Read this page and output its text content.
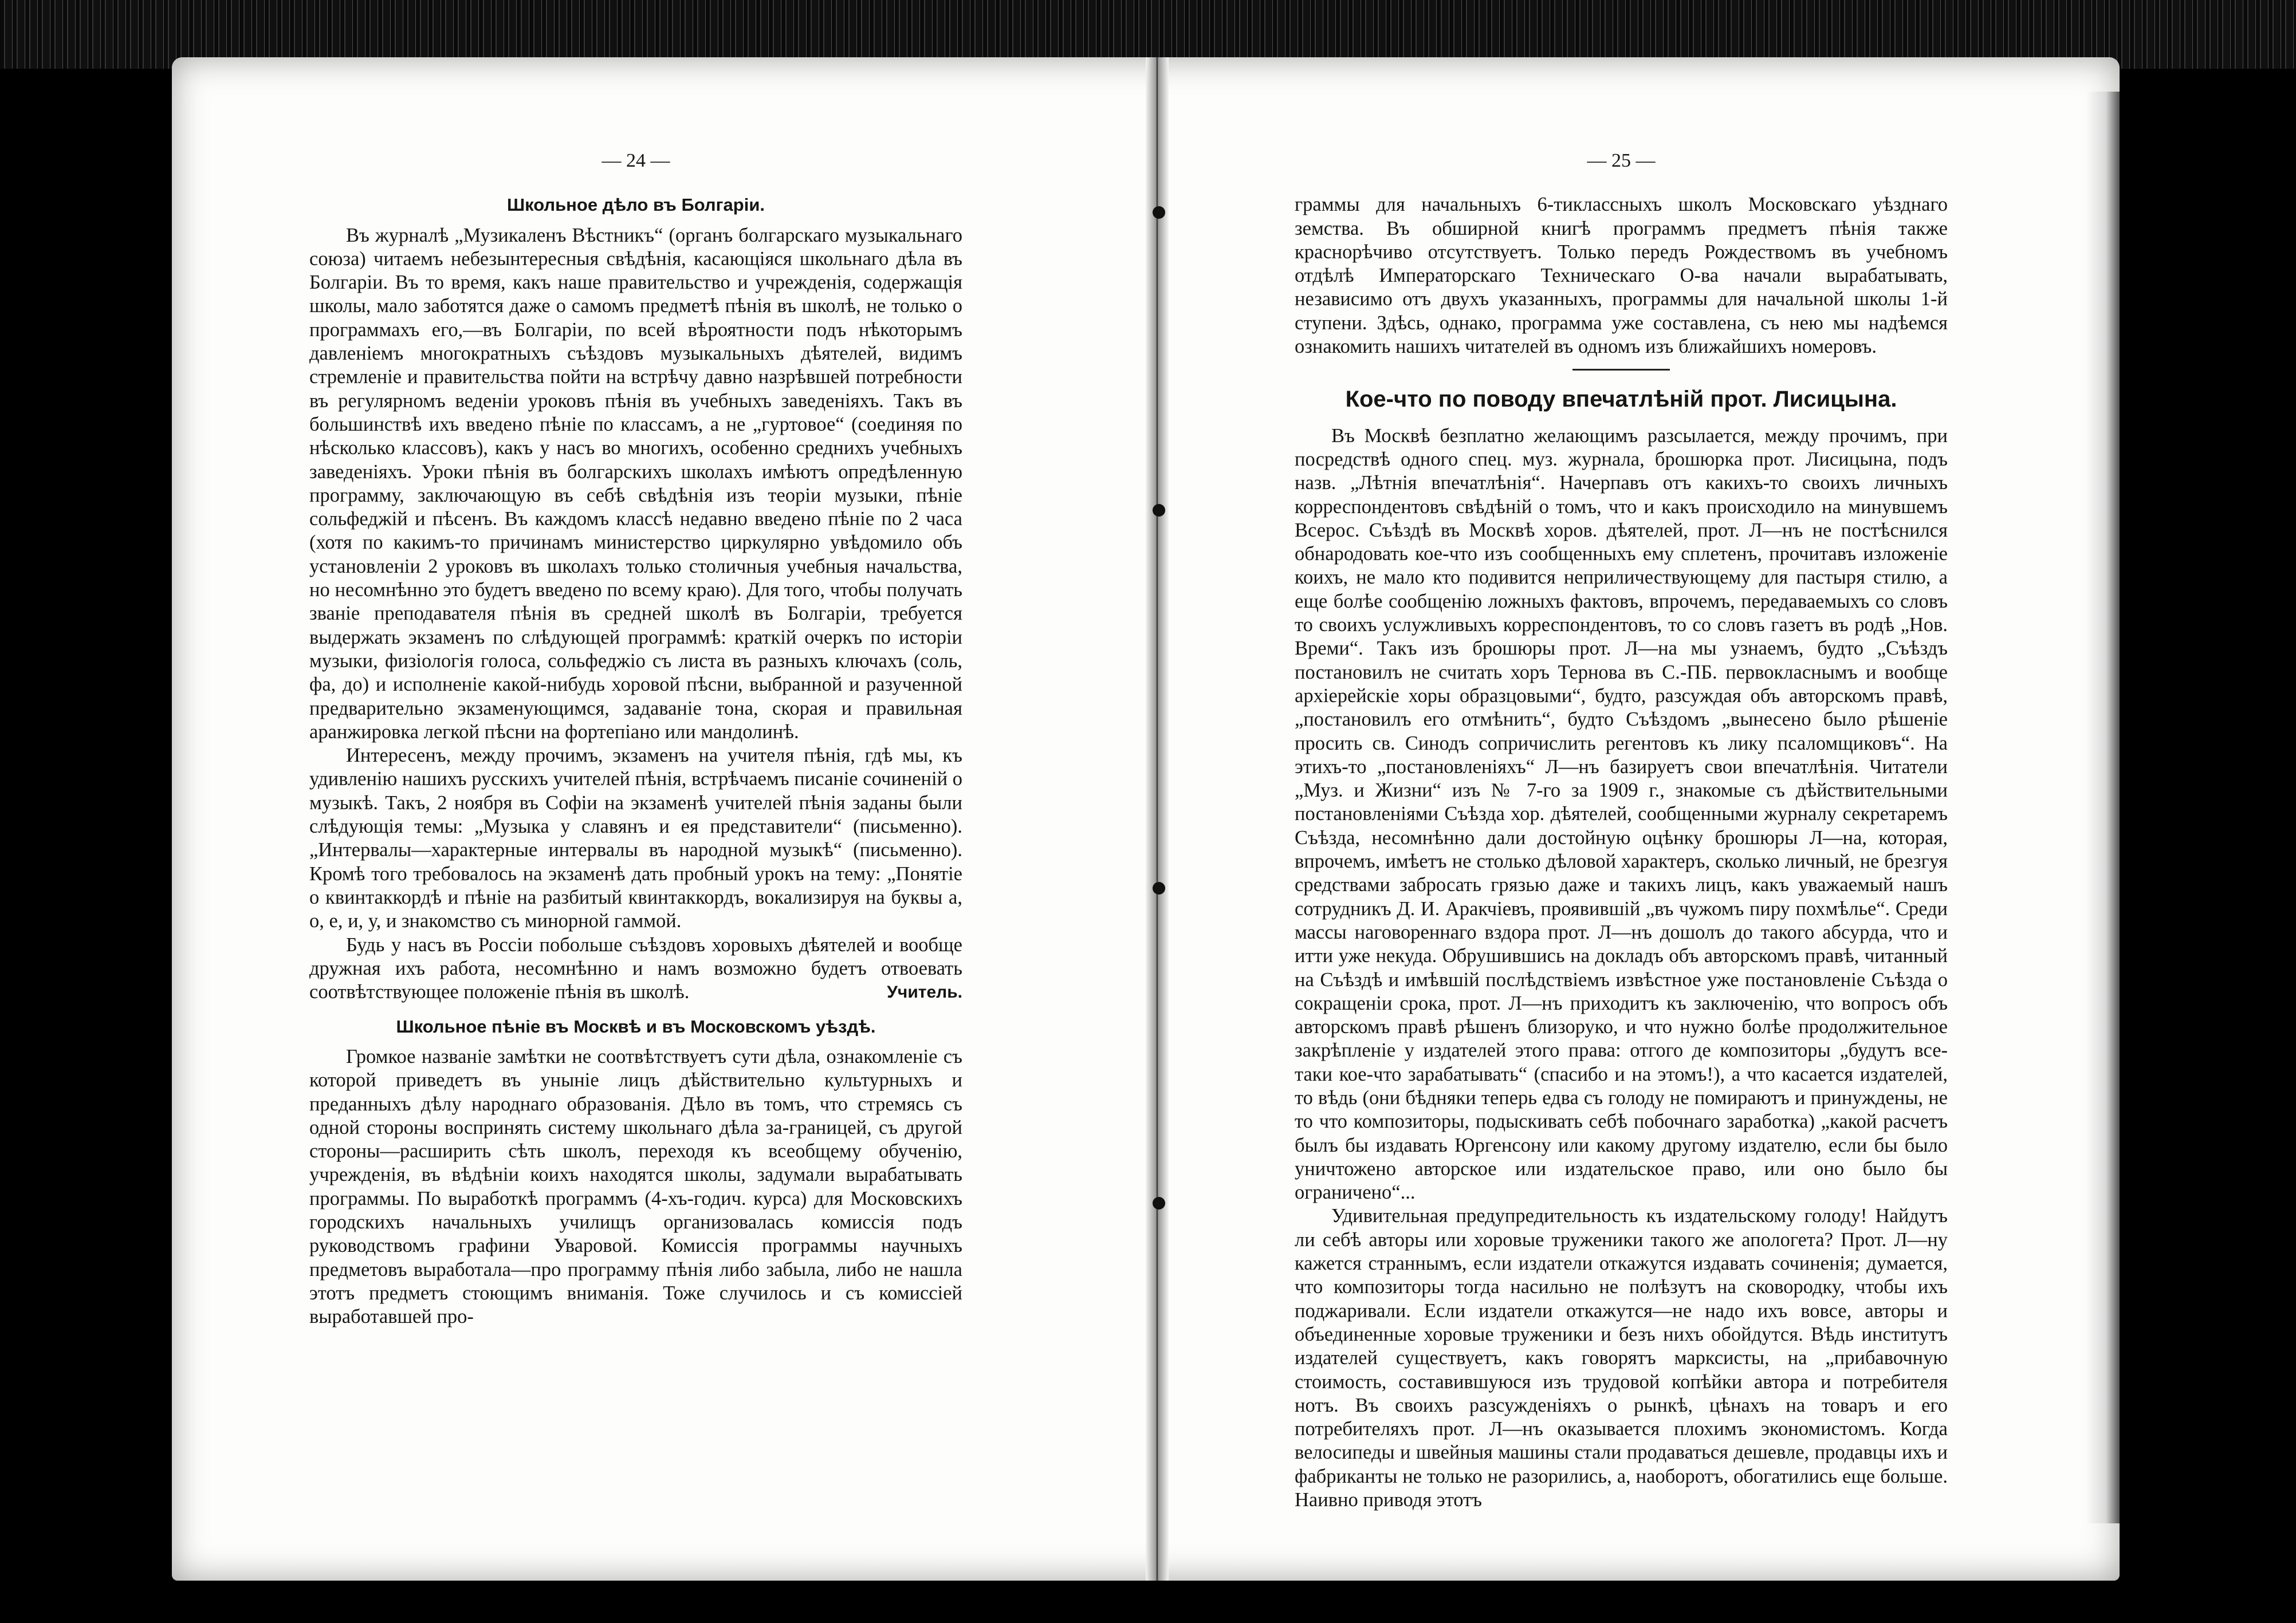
— 24 —
Школьное дѣло въ Болгаріи.

Въ журналѣ „Музикаленъ Вѣстникъ“ (органъ болгарскаго музыкальнаго союза) читаемъ небезынтересныя свѣдѣнія, касающіяся школьнаго дѣла въ Болгаріи. Въ то время, какъ наше правительство и учрежденія, содержащія школы, мало заботятся даже о самомъ предметѣ пѣнія въ школѣ, не только о программахъ его,—въ Болгаріи, по всей вѣроятности подъ нѣкоторымъ давленіемъ многократныхъ съѣздовъ музыкальныхъ дѣятелей, видимъ стремленіе и правительства пойти на встрѣчу давно назрѣвшей потребности въ регулярномъ веденіи уроковъ пѣнія въ учебныхъ заведеніяхъ. Такъ въ большинствѣ ихъ введено пѣніе по классамъ, а не „гуртовое“ (соединяя по нѣсколько классовъ), какъ у насъ во многихъ, особенно среднихъ учебныхъ заведеніяхъ. Уроки пѣнія въ болгарскихъ школахъ имѣютъ опредѣленную программу, заключающую въ себѣ свѣдѣнія изъ теоріи музыки, пѣніе сольфеджій и пѣсенъ. Въ каждомъ классѣ недавно введено пѣніе по 2 часа (хотя по какимъ-то причинамъ министерство циркулярно увѣдомило объ установленіи 2 уроковъ въ школахъ только столичныя учебныя начальства, но несомнѣнно это будетъ введено по всему краю). Для того, чтобы получать званіе преподавателя пѣнія въ средней школѣ въ Болгаріи, требуется выдержать экзаменъ по слѣдующей программѣ: краткій очеркъ по исторіи музыки, физіологія голоса, сольфеджіо съ листа въ разныхъ ключахъ (соль, фа, до) и исполненіе какой-нибудь хоровой пѣсни, выбранной и разученной предварительно экзаменующимся, задаваніе тона, скорая и правильная аранжировка легкой пѣсни на фортепіано или мандолинѣ.

Интересенъ, между прочимъ, экзаменъ на учителя пѣнія, гдѣ мы, къ удивленію нашихъ русскихъ учителей пѣнія, встрѣчаемъ писаніе сочиненій о музыкѣ. Такъ, 2 ноября въ Софіи на экзаменѣ учителей пѣнія заданы были слѣдующія темы: „Музыка у славянъ и ея представители“ (письменно). „Интервалы—характерные интервалы въ народной музыкѣ“ (письменно). Кромѣ того требовалось на экзаменѣ дать пробный урокъ на тему: „Понятіе о квинтаккордѣ и пѣніе на разбитый квинтаккордъ, вокализируя на буквы а, о, е, и, у, и знакомство съ минорной гаммой.

Будь у насъ въ Россіи побольше съѣздовъ хоровыхъ дѣятелей и вообще дружная ихъ работа, несомнѣнно и намъ возможно будетъ отвоевать соотвѣтствующее положеніе пѣнія въ школѣ.	Учитель.
Школьное пѣніе въ Москвѣ и въ Московскомъ уѣздѣ.

Громкое названіе замѣтки не соотвѣтствуетъ сути дѣла, ознакомленіе съ которой приведетъ въ уныніе лицъ дѣйствительно культурныхъ и преданныхъ дѣлу народнаго образованія. Дѣло въ томъ, что стремясь съ одной стороны воспринять систему школьнаго дѣла за-границей, съ другой стороны—расширить сѣть школъ, переходя къ всеобщему обученію, учрежденія, въ вѣдѣніи коихъ находятся школы, задумали вырабатывать программы. По выработкѣ программъ (4-хъ-годич. курса) для Московскихъ городскихъ начальныхъ училищъ организовалась комиссія подъ руководствомъ графини Уваровой. Комиссія программы научныхъ предметовъ выработала—про программу пѣнія либо забыла, либо не нашла этотъ предметъ стоющимъ вниманія. Тоже случилось и съ комиссіей выработавшей про-

— 25 —

граммы для начальныхъ 6-тиклассныхъ школъ Московскаго уѣзднаго земства. Въ обширной книгѣ программъ предметъ пѣнія также краснорѣчиво отсутствуетъ. Только передъ Рождествомъ въ учебномъ отдѣлѣ Императорскаго Техническаго О-ва начали вырабатывать, независимо отъ двухъ указанныхъ, программы для начальной школы 1-й ступени. Здѣсь, однако, программа уже составлена, съ нею мы надѣемся ознакомить нашихъ читателей въ одномъ изъ ближайшихъ номеровъ.

Кое-что по поводу впечатлѣній прот. Лисицына.

Въ Москвѣ безплатно желающимъ разсылается, между прочимъ, при посредствѣ одного спец. муз. журнала, брошюрка прот. Лисицына, подъ назв. „Лѣтнія впечатлѣнія“. Начерпавъ отъ какихъ-то своихъ личныхъ корреспондентовъ свѣдѣній о томъ, что и какъ происходило на минувшемъ Всерос. Съѣздѣ въ Москвѣ хоров. дѣятелей, прот. Л—нъ не постѣснился обнародовать кое-что изъ сообщенныхъ ему сплетенъ, прочитавъ изложеніе коихъ, не мало кто подивится неприличествующему для пастыря стилю, а еще болѣе сообщенію ложныхъ фактовъ, впрочемъ, передаваемыхъ со словъ то своихъ услужливыхъ корреспондентовъ, то со словъ газетъ въ родѣ „Нов. Времи“. Такъ изъ брошюры прот. Л—на мы узнаемъ, будто „Съѣздъ постановилъ не считать хоръ Тернова въ С.-ПБ. первоклаcнымъ и вообще архіерейскіе хоры образцовыми“, будто, разсуждая объ авторскомъ правѣ, „постановилъ его отмѣнить“, будто Съѣздомъ „вынесено было рѣшеніе просить св. Синодъ сопричислить регентовъ къ лику псаломщиковъ“. На этихъ-то „постановленіяхъ“ Л—нъ базируетъ свои впечатлѣнія. Читатели „Муз. и Жизни“ изъ № 7-го за 1909 г., знакомые съ дѣйствительными постановленіями Съѣзда хор. дѣятелей, сообщенными журналу секретаремъ Съѣзда, несомнѣнно дали достойную оцѣнку брошюры Л—на, которая, впрочемъ, имѣетъ не столько дѣловой характеръ, сколько личный, не брезгуя средствами забросать грязью даже и такихъ лицъ, какъ уважаемый нашъ сотрудникъ Д. И. Аракчіевъ, проявившій „въ чужомъ пиру похмѣлье“. Среди массы наговореннаго вздора прот. Л—нъ дошолъ до такого абсурда, что и итти уже некуда. Обрушившись на докладъ объ авторскомъ правѣ, читанный на Съѣздѣ и имѣвшій послѣдствіемъ извѣстное уже постановленіе Съѣзда о сокращеніи срока, прот. Л—нъ приходитъ къ заключенію, что вопросъ объ авторскомъ правѣ рѣшенъ близоруко, и что нужно болѣе продолжительное закрѣпленіе у издателей этого права: отгого де композиторы „будутъ все-таки кое-что зарабатывать“ (спасибо и на этомъ!), а что касается издателей, то вѣдь (они бѣдняки теперь едва съ голоду не помираютъ и принуждены, не то что композиторы, подыскивать себѣ побочнаго заработка) „какой расчетъ былъ бы издавать Юргенсону или какому другому издателю, если бы было уничтожено авторское или издательское право, или оно было бы ограничено“...

Удивительная предупредительность къ издательскому голоду! Найдутъ ли себѣ авторы или хоровые труженики такого же апологета? Прот. Л—ну кажется страннымъ, если издатели откажутся издавать сочиненія; думается, что композиторы тогда насильно не полѣзутъ на сковородку, чтобы ихъ поджаривали. Если издатели откажутся—не надо ихъ вовсе, авторы и объединенные хоровые труженики и безъ нихъ обойдутся. Вѣдь институтъ издателей существуетъ, какъ говорятъ марксисты, на „прибавочную стоимость, составившуюся изъ трудовой копѣйки автора и потребителя нотъ. Въ своихъ разсужденіяхъ о рынкѣ, цѣнахъ на товаръ и его потребителяхъ прот. Л—нъ оказывается плохимъ экономистомъ. Когда велосипеды и швейныя машины стали продаваться дешевле, продавцы ихъ и фабриканты не только не разорились, а, наоборотъ, обогатились еще больше. Наивно приводя этотъ
